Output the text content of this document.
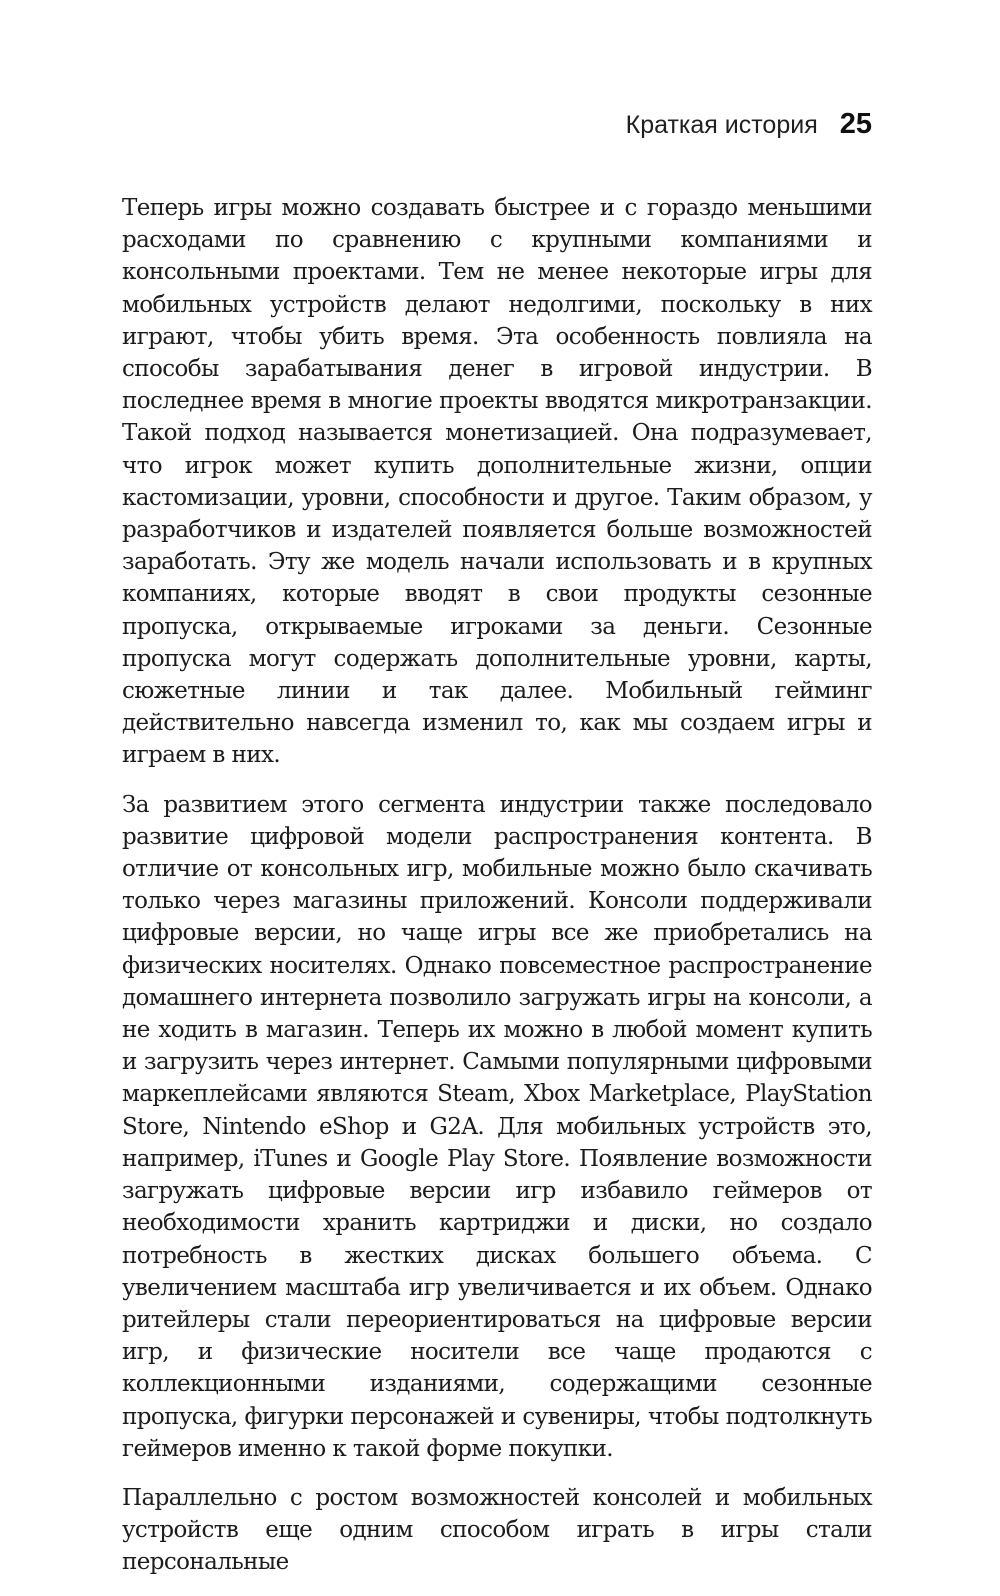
Краткая история 25

Теперь игры можно создавать быстрее и с гораздо меньшими расходами по сравнению с крупными компаниями и консольными проектами. Тем не менее некоторые игры для мобильных устройств делают недолгими, поскольку в них играют, чтобы убить время. Эта особенность повлияла на способы зарабатывания денег в игровой индустрии. В последнее время в многие проекты вводятся микротранзакции. Такой подход называется монетизацией. Она подразумевает, что игрок может купить дополнительные жизни, опции кастомизации, уровни, способности и другое. Таким образом, у разработчиков и издателей появляется больше возможностей заработать. Эту же модель начали использовать и в крупных компаниях, которые вводят в свои продукты сезонные пропуска, открываемые игроками за деньги. Сезонные пропуска могут содержать дополнительные уровни, карты, сюжетные линии и так далее. Мобильный гейминг действительно навсегда изменил то, как мы создаем игры и играем в них.

За развитием этого сегмента индустрии также последовало развитие цифровой модели распространения контента. В отличие от консольных игр, мобильные можно было скачивать только через магазины приложений. Консоли поддерживали цифровые версии, но чаще игры все же приобретались на физических носителях. Однако повсеместное распространение домашнего интернета позволило загружать игры на консоли, а не ходить в магазин. Теперь их можно в любой момент купить и загрузить через интернет. Самыми популярными цифровыми маркеплейсами являются Steam, Xbox Marketplace, PlayStation Store, Nintendo eShop и G2A. Для мобильных устройств это, например, iTunes и Google Play Store. Появление возможности загружать цифровые версии игр избавило геймеров от необходимости хранить картриджи и диски, но создало потребность в жестких дисках большего объема. С увеличением масштаба игр увеличивается и их объем. Однако ритейлеры стали переориентироваться на цифровые версии игр, и физические носители все чаще продаются с коллекционными изданиями, содержащими сезонные пропуска, фигурки персонажей и сувениры, чтобы подтолкнуть геймеров именно к такой форме покупки.

Параллельно с ростом возможностей консолей и мобильных устройств еще одним способом играть в игры стали персональные
